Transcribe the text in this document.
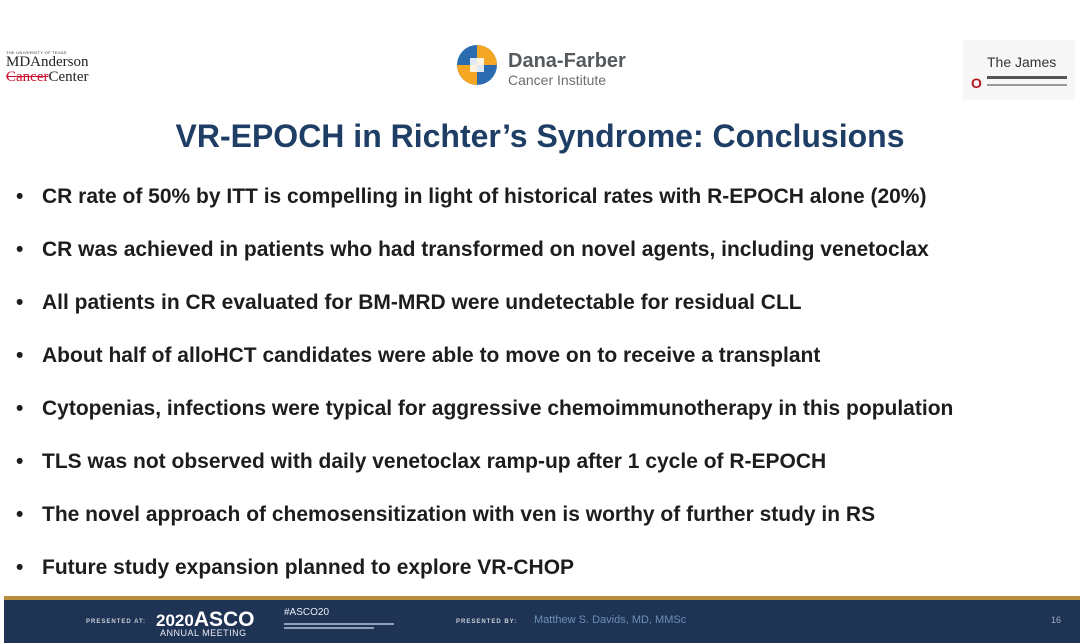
THE UNIVERSITY OF TEXAS
MDAnderson
CancerCenter
Dana-Farber
Cancer Institute
The James
O
VR-EPOCH in Richter’s Syndrome: Conclusions
• CR rate of 50% by ITT is compelling in light of historical rates with R-EPOCH alone (20%)
• CR was achieved in patients who had transformed on novel agents, including venetoclax
• All patients in CR evaluated for BM-MRD were undetectable for residual CLL
• About half of alloHCT candidates were able to move on to receive a transplant
• Cytopenias, infections were typical for aggressive chemoimmunotherapy in this population
• TLS was not observed with daily venetoclax ramp-up after 1 cycle of R-EPOCH
• The novel approach of chemosensitization with ven is worthy of further study in RS
• Future study expansion planned to explore VR-CHOP
PRESENTED AT: 2020ASCO
ANNUAL MEETING
#ASCO20
PRESENTED BY: Matthew S. Davids, MD, MMSc	16
